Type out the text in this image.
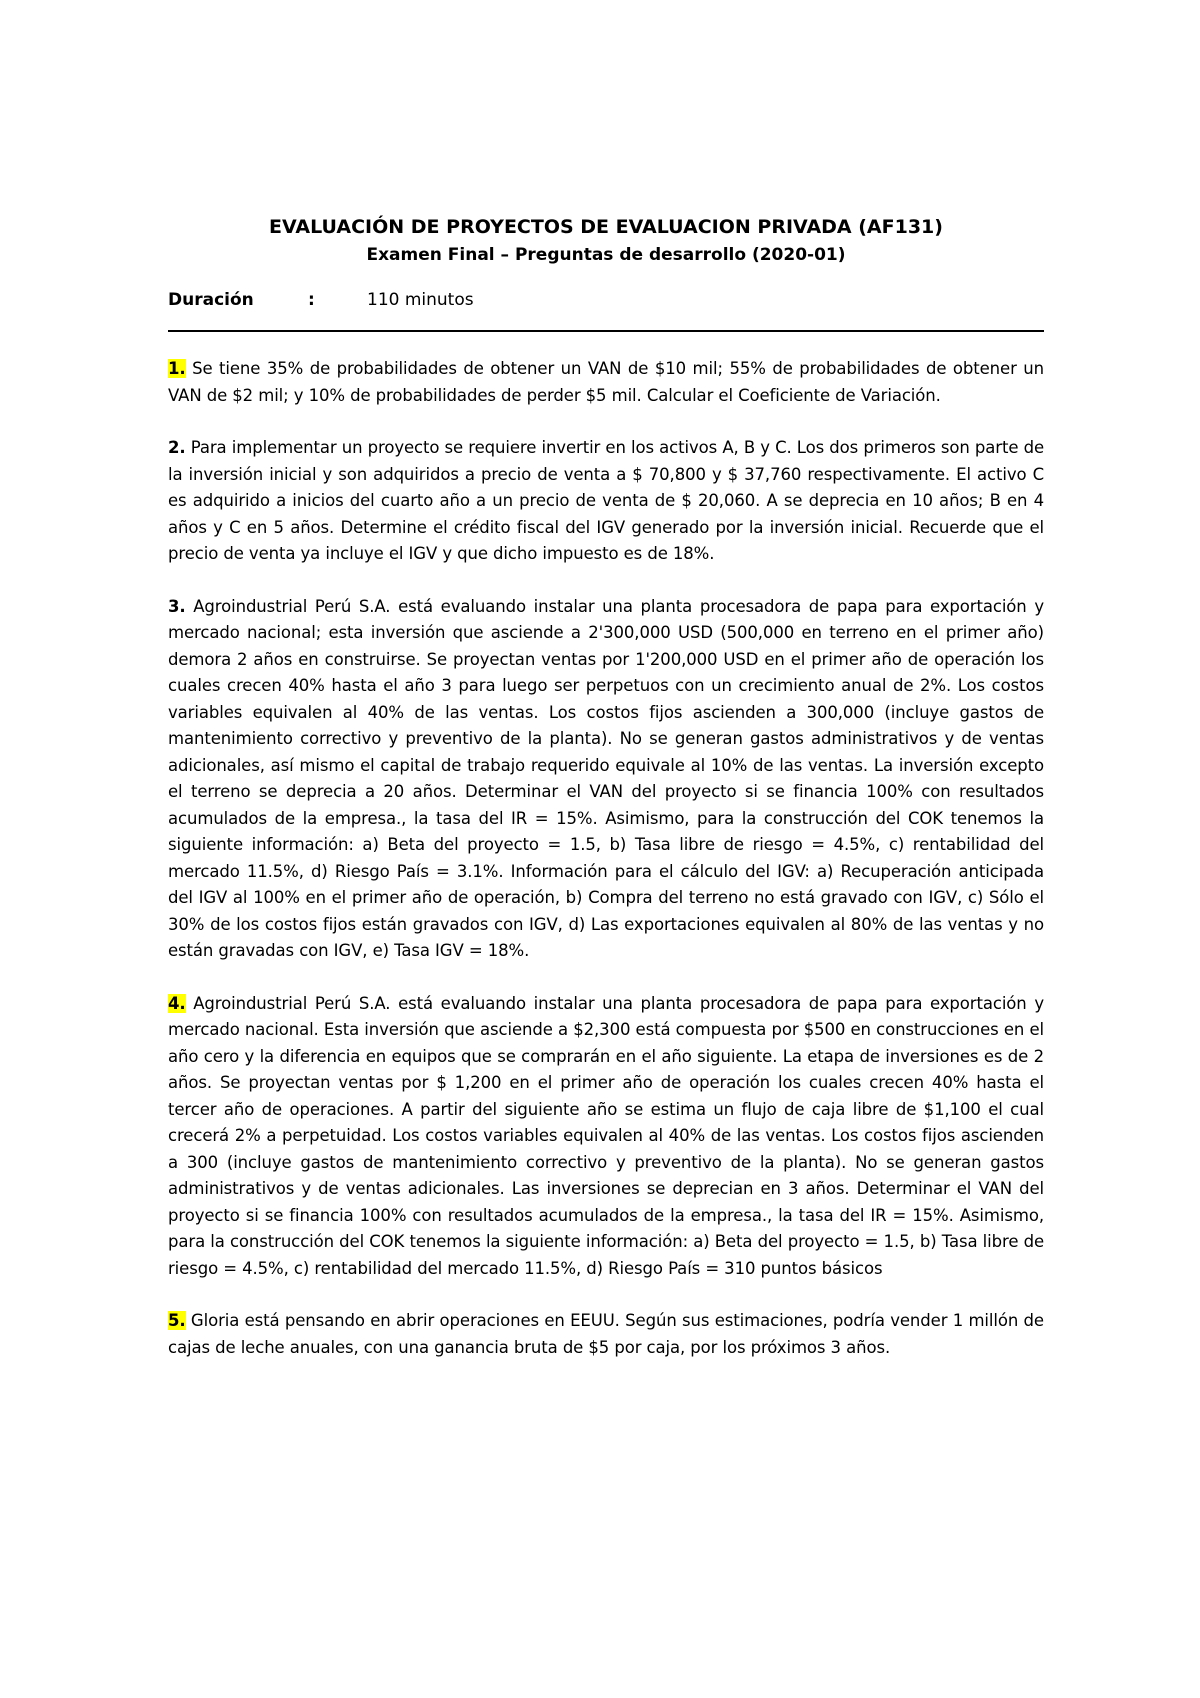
EVALUACIÓN DE PROYECTOS DE EVALUACION PRIVADA (AF131)
Examen Final – Preguntas de desarrollo (2020-01)
Duración	:	110 minutos

1. Se tiene 35% de probabilidades de obtener un VAN de $10 mil; 55% de probabilidades de obtener un VAN de $2 mil; y 10% de probabilidades de perder $5 mil. Calcular el Coeficiente de Variación.

2. Para implementar un proyecto se requiere invertir en los activos A, B y C. Los dos primeros son parte de la inversión inicial y son adquiridos a precio de venta a $ 70,800 y $ 37,760 respectivamente. El activo C es adquirido a inicios del cuarto año a un precio de venta de $ 20,060. A se deprecia en 10 años; B en 4 años y C en 5 años. Determine el crédito fiscal del IGV generado por la inversión inicial. Recuerde que el precio de venta ya incluye el IGV y que dicho impuesto es de 18%.

3. Agroindustrial Perú S.A. está evaluando instalar una planta procesadora de papa para exportación y mercado nacional; esta inversión que asciende a 2'300,000 USD (500,000 en terreno en el primer año) demora 2 años en construirse. Se proyectan ventas por 1'200,000 USD en el primer año de operación los cuales crecen 40% hasta el año 3 para luego ser perpetuos con un crecimiento anual de 2%. Los costos variables equivalen al 40% de las ventas. Los costos fijos ascienden a 300,000 (incluye gastos de mantenimiento correctivo y preventivo de la planta). No se generan gastos administrativos y de ventas adicionales, así mismo el capital de trabajo requerido equivale al 10% de las ventas. La inversión excepto el terreno se deprecia a 20 años. Determinar el VAN del proyecto si se financia 100% con resultados acumulados de la empresa., la tasa del IR = 15%. Asimismo, para la construcción del COK tenemos la siguiente información: a) Beta del proyecto = 1.5, b) Tasa libre de riesgo = 4.5%, c) rentabilidad del mercado 11.5%, d) Riesgo País = 3.1%. Información para el cálculo del IGV: a) Recuperación anticipada del IGV al 100% en el primer año de operación, b) Compra del terreno no está gravado con IGV, c) Sólo el 30% de los costos fijos están gravados con IGV, d) Las exportaciones equivalen al 80% de las ventas y no están gravadas con IGV, e) Tasa IGV = 18%.

4. Agroindustrial Perú S.A. está evaluando instalar una planta procesadora de papa para exportación y mercado nacional. Esta inversión que asciende a $2,300 está compuesta por $500 en construcciones en el año cero y la diferencia en equipos que se comprarán en el año siguiente. La etapa de inversiones es de 2 años. Se proyectan ventas por $ 1,200 en el primer año de operación los cuales crecen 40% hasta el tercer año de operaciones. A partir del siguiente año se estima un flujo de caja libre de $1,100 el cual crecerá 2% a perpetuidad. Los costos variables equivalen al 40% de las ventas. Los costos fijos ascienden a 300 (incluye gastos de mantenimiento correctivo y preventivo de la planta). No se generan gastos administrativos y de ventas adicionales. Las inversiones se deprecian en 3 años. Determinar el VAN del proyecto si se financia 100% con resultados acumulados de la empresa., la tasa del IR = 15%. Asimismo, para la construcción del COK tenemos la siguiente información: a) Beta del proyecto = 1.5, b) Tasa libre de riesgo = 4.5%, c) rentabilidad del mercado 11.5%, d) Riesgo País = 310 puntos básicos

5. Gloria está pensando en abrir operaciones en EEUU. Según sus estimaciones, podría vender 1 millón de cajas de leche anuales, con una ganancia bruta de $5 por caja, por los próximos 3 años.
